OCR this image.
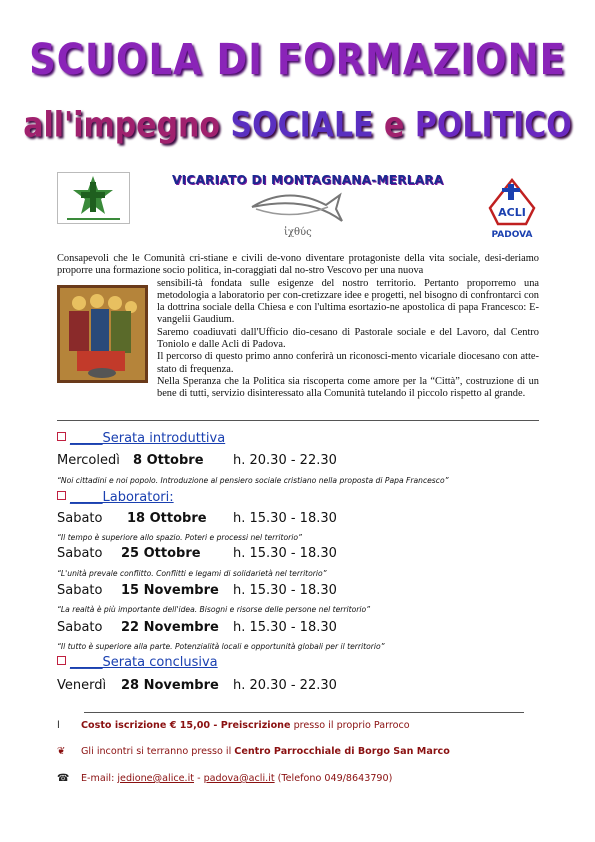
SCUOLA DI FORMAZIONE
all'impegno SOCIALE e POLITICO
VICARIATO DI MONTAGNANA-MERLARA
ἰχθύς
ACLI
PADOVA

Consapevoli che le Comunità cri-stiane e civili de-vono diventare protagoniste della vita sociale, desi-deriamo proporre una formazione socio politica, in-coraggiati dal no-stro Vescovo per una nuova

sensibili-tà fondata sulle esigenze del nostro territorio. Pertanto proporremo una metodologia a laboratorio per con-cretizzare idee e progetti, nel bisogno di confrontarci con la dottrina sociale della Chiesa e con l'ultima esortazio-ne apostolica di papa Francesco: E-vangelii Gaudium.

Saremo coadiuvati dall'Ufficio dio-cesano di Pastorale sociale e del Lavoro, dal Centro Toniolo e dalle Acli di Padova.

Il percorso di questo primo anno conferirà un riconosci-mento vicariale diocesano con atte-stato di frequenza.

Nella Speranza che la Politica sia riscoperta come amore per la “Città”, costruzione di un bene di tutti, servizio disinteressato alla Comunità tutelando il piccolo rispetto al grande.

_____Serata introduttiva
Mercoledì 8 Ottobre h. 20.30 - 22.30
“Noi cittadini e noi popolo. Introduzione al pensiero sociale cristiano nella proposta di Papa Francesco”
_____Laboratori:
Sabato 18 Ottobre h. 15.30 - 18.30
“Il tempo è superiore allo spazio. Poteri e processi nel territorio”
Sabato 25 Ottobre h. 15.30 - 18.30
“L'unità prevale conflitto. Conflitti e legami di solidarietà nel territorio”
Sabato 15 Novembre h. 15.30 - 18.30
“La realtà è più importante dell'idea. Bisogni e risorse delle persone nel territorio”
Sabato 22 Novembre h. 15.30 - 18.30
“Il tutto è superiore alla parte. Potenzialità locali e opportunità globali per il territorio”
_____Serata conclusiva
Venerdì 28 Novembre h. 20.30 - 22.30
l Costo iscrizione € 15,00 - Preiscrizione presso il proprio Parroco
❦ Gli incontri si terranno presso il Centro Parrocchiale di Borgo San Marco
☎ E-mail: jedione@alice.it - padova@acli.it (Telefono 049/8643790)
